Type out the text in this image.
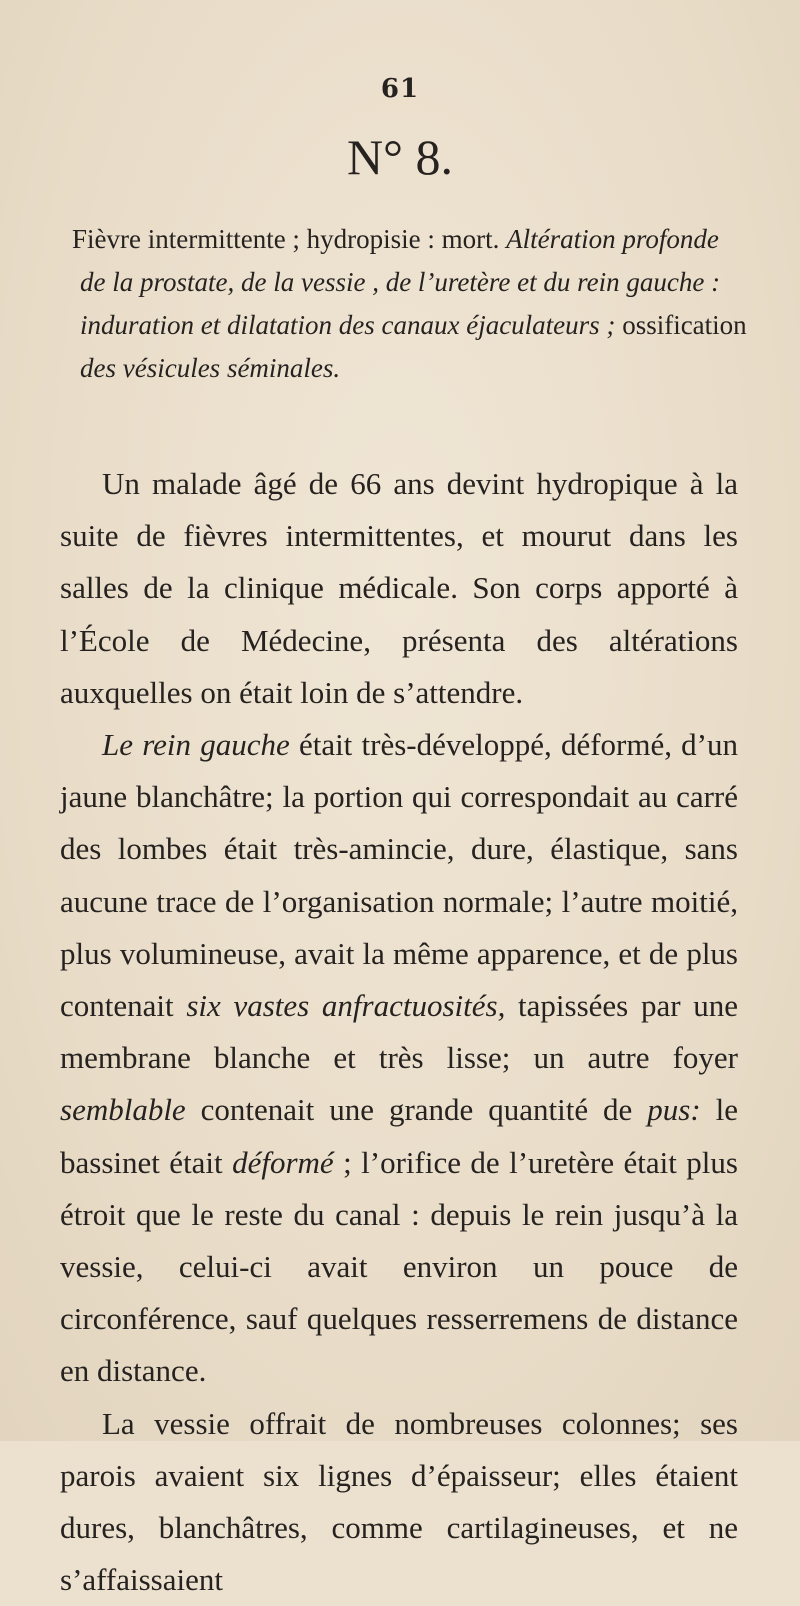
61
N° 8.
Fièvre intermittente ; hydropisie : mort. Altération profonde de la prostate, de la vessie , de l’uretère et du rein gauche : induration et dilatation des canaux éjaculateurs ; ossification des vésicules séminales.

Un malade âgé de 66 ans devint hydropique à la suite de fièvres intermittentes, et mourut dans les salles de la clinique médicale. Son corps apporté à l’École de Médecine, présenta des altérations auxquelles on était loin de s’attendre.

Le rein gauche était très-développé, déformé, d’un jaune blanchâtre; la portion qui correspondait au carré des lombes était très-amincie, dure, élastique, sans aucune trace de l’organisation normale; l’autre moitié, plus volumineuse, avait la même apparence, et de plus contenait six vastes anfractuosités, tapissées par une membrane blanche et très lisse; un autre foyer semblable contenait une grande quantité de pus: le bassinet était déformé ; l’orifice de l’uretère était plus étroit que le reste du canal : depuis le rein jusqu’à la vessie, celui-ci avait environ un pouce de circonférence, sauf quelques resserremens de distance en distance.

La vessie offrait de nombreuses colonnes; ses parois avaient six lignes d’épaisseur; elles étaient dures, blanchâtres, comme cartilagineuses, et ne s’affaissaient
